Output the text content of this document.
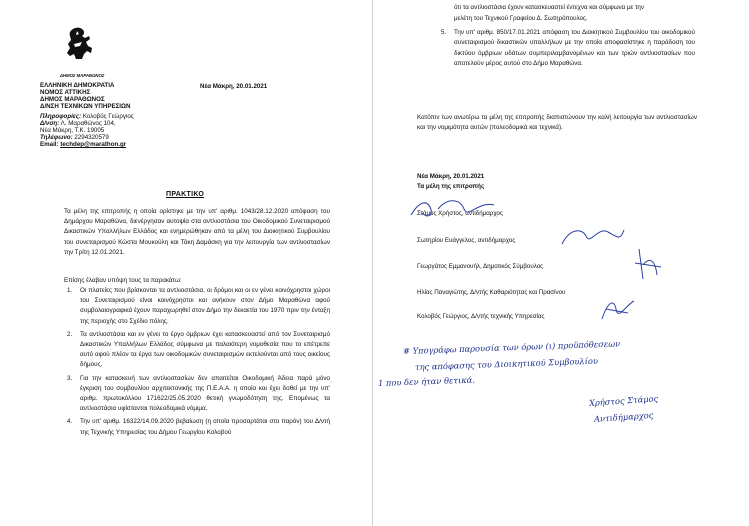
ΔΗΜΟΣ ΜΑΡΑΘΩΝΟΣ
ΕΛΛΗΝΙΚΗ ΔΗΜΟΚΡΑΤΙΑ
ΝΟΜΟΣ ΑΤΤΙΚΗΣ
ΔΗΜΟΣ ΜΑΡΑΘΩΝΟΣ
Δ/ΝΣΗ ΤΕΧΝΙΚΩΝ ΥΠΗΡΕΣΙΩΝ
Νέα Μάκρη, 20.01.2021
Πληροφορίες: Κολοβός Γεώργιος
Δ/νση: Λ. Μαραθώνος 104,
Νέα Μάκρη, Τ.Κ. 19005
Τηλέφωνο: 2294320579
Email: techdep@marathon.gr
ΠΡΑΚΤΙΚΟ
Τα μέλη της επιτροπής η οποία ορίστηκε με την υπ' αριθμ. 1043/28.12.2020 απόφαση του Δημάρχου Μαραθώνα, διενέργησαν αυτοψία στα αντλιοστάσια του Οικοδομικού Συνεταιρισμού Δικαστικών Υπαλλήλων Ελλάδος και ενημερώθηκαν από τα μέλη του Διοικητικού Συμβουλίου του συνεταιρισμού Κώστα Μουκούλη και Τάκη Δαμάσκη για την λειτουργία των αντλιοστασίων την Τρίτη 12.01.2021.
Επίσης έλαβαν υπόψη τους τα παρακάτω:
1. Οι πλατείες που βρίσκονται τα αντλιοστάσια, οι δρόμοι και οι εν γένει κοινόχρηστοι χώροι του Συνεταιρισμού είναι κοινόχρηστοι και ανήκουν στον Δήμο Μαραθώνα αφού συμβολαιογραφικά έχουν παραχωρηθεί στον Δήμο την δεκαετία του 1970 πριν την ένταξη της περιοχής στο Σχέδιο πόλης.
2. Τα αντλιοστάσια και εν γένει το έργο όμβριων έχει κατασκευαστεί από τον Συνεταιρισμό Δικαστικών Υπαλλήλων Ελλάδος σύμφωνα με παλαιότερη νομοθεσία που το επέτρεπε αυτό αφού πλέον τα έργα των οικοδομικών συνεταιρισμών εκτελούνται από τους οικείους δήμους.
3. Για την κατασκευή των αντλιοστασίων δεν απαιτείται Οικοδομική Άδεια παρά μόνο έγκριση του συμβουλίου αρχιτεκτονικής της Π.Ε.Α.Α. η οποία και έχει δοθεί με την υπ' αριθμ. πρωτοκόλλου 171622/25.05.2020 θετική γνωμοδότηση της. Επομένως τα αντλιοστάσια υφίστανται πολεοδομικά νόμιμα.
4. Την υπ' αριθμ. 16322/14.09.2020 βεβαίωση (η οποία προσαρτάται στο παρόν) του Δ/ντή της Τεχνικής Υπηρεσίας του Δήμου Γεωργίου Κολοβού
ότι τα αντλιοστάσια έχουν κατασκευαστεί έντεχνα και σύμφωνα με την
μελέτη του Τεχνικού Γραφείου Δ. Σωτηρόπουλος.
5. Την υπ' αριθμ. 850/17.01.2021 απόφαση του Διοικητικού Συμβουλίου του οικοδομικού συνεταιρισμού δικαστικών υπαλλήλων με την οποία αποφασίστηκε η παράδοση του δικτύου όμβριων υδάτων συμπεριλαμβανομένων και των τριών αντλιοστασίων που αποτελούν μέρος αυτού στο Δήμο Μαραθώνα.
Κατόπιν των ανωτέρω τα μέλη της επιτροπής διαπιστώνουν την καλή λειτουργία των αντλιοστασίων και την νομιμότητα αυτών (πολεοδομικά και τεχνικά).
Νέα Μάκρη, 20.01.2021
Τα μέλη της επιτροπής
Στάμος Χρήστος, αντιδήμαρχος
Σωτηρίου Ευάγγελος, αντιδήμαρχος
Γεωργάτος Εμμανουήλ, Δημοτικός Σύμβουλος
Ηλίας Παναγιώτης, Δ/ντής Καθαριότητας και Πρασίνου
Κολοβός Γεώργιος, Δ/ντής τεχνικής Υπηρεσίας
# Υπογράφω παρουσία των όρων (ι) προϋπόθεσεων
της απόφασης του Διοικητικού Συμβουλίου
1 που δεν ήταν θετικά.
Χρήστος Στάμος
Αντιδήμαρχος
